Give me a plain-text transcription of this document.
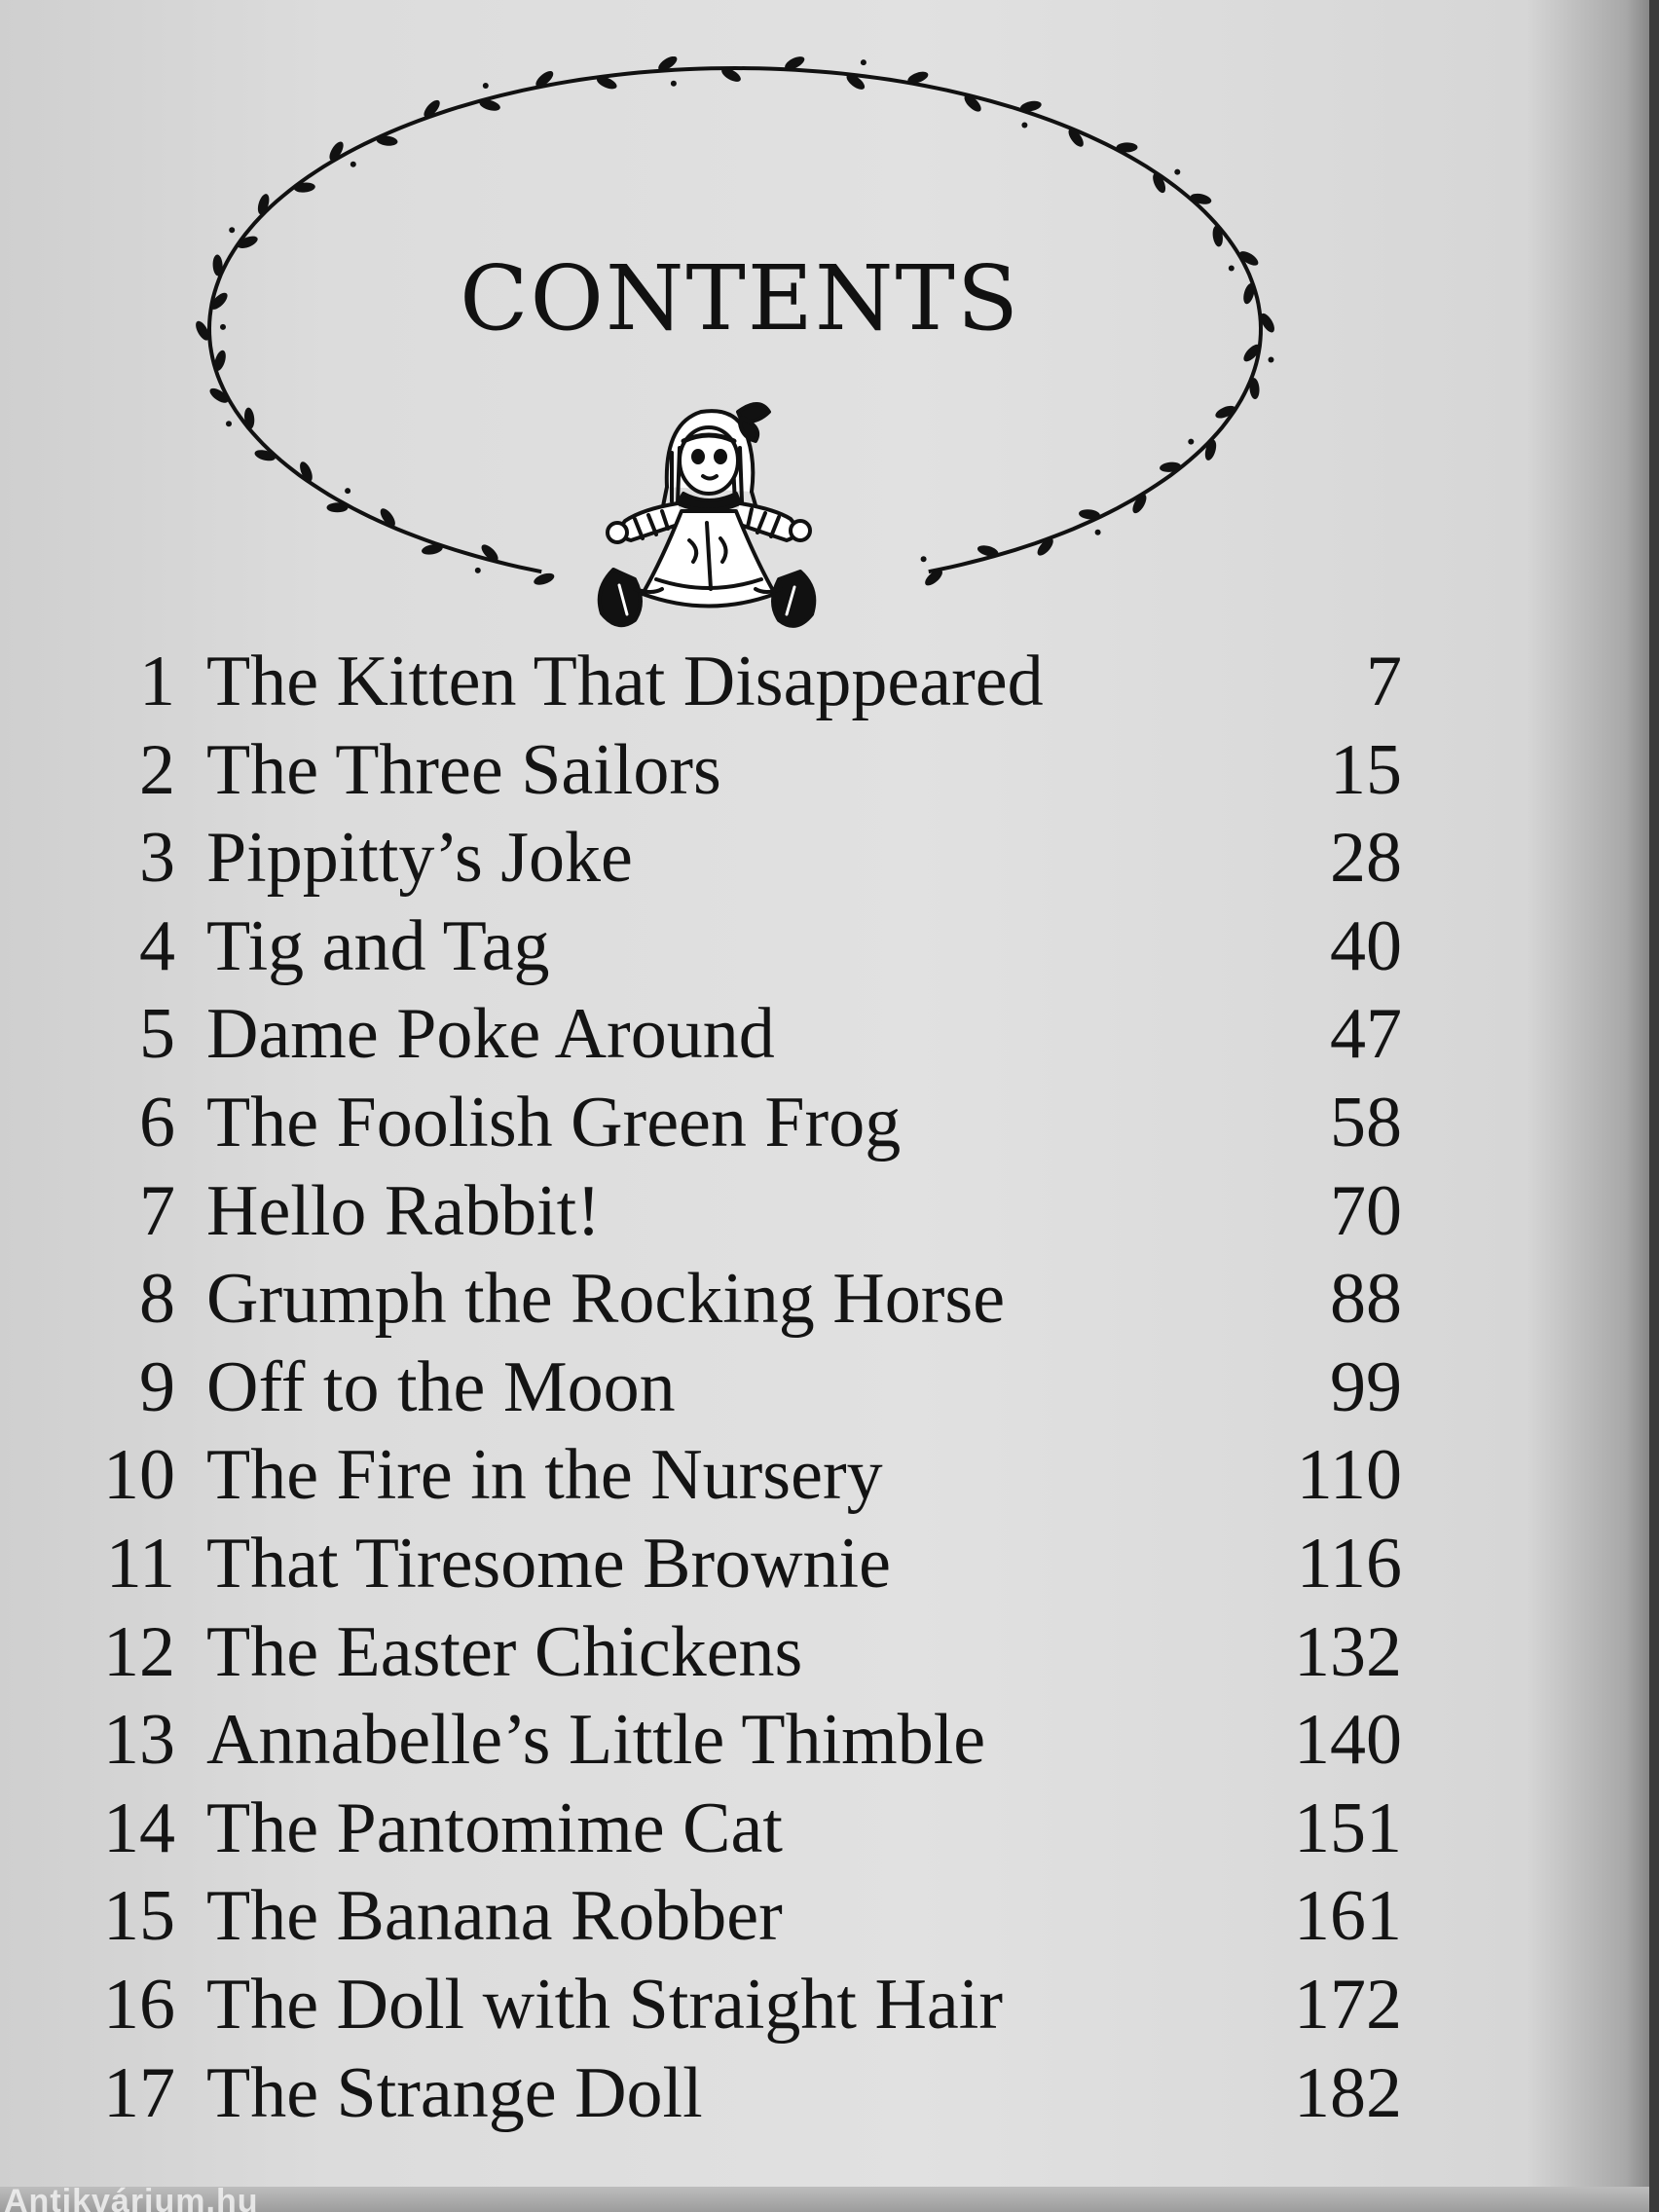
CONTENTS
1 The Kitten That Disappeared	7
2 The Three Sailors	15
3 Pippitty’s Joke	28
4 Tig and Tag	40
5 Dame Poke Around	47
6 The Foolish Green Frog	58
7 Hello Rabbit!	70
8 Grumph the Rocking Horse	88
9 Off to the Moon	99
10 The Fire in the Nursery	110
11 That Tiresome Brownie	116
12 The Easter Chickens	132
13 Annabelle’s Little Thimble	140
14 The Pantomime Cat	151
15 The Banana Robber	161
16 The Doll with Straight Hair	172
17 The Strange Doll	182
Antikvárium.hu
